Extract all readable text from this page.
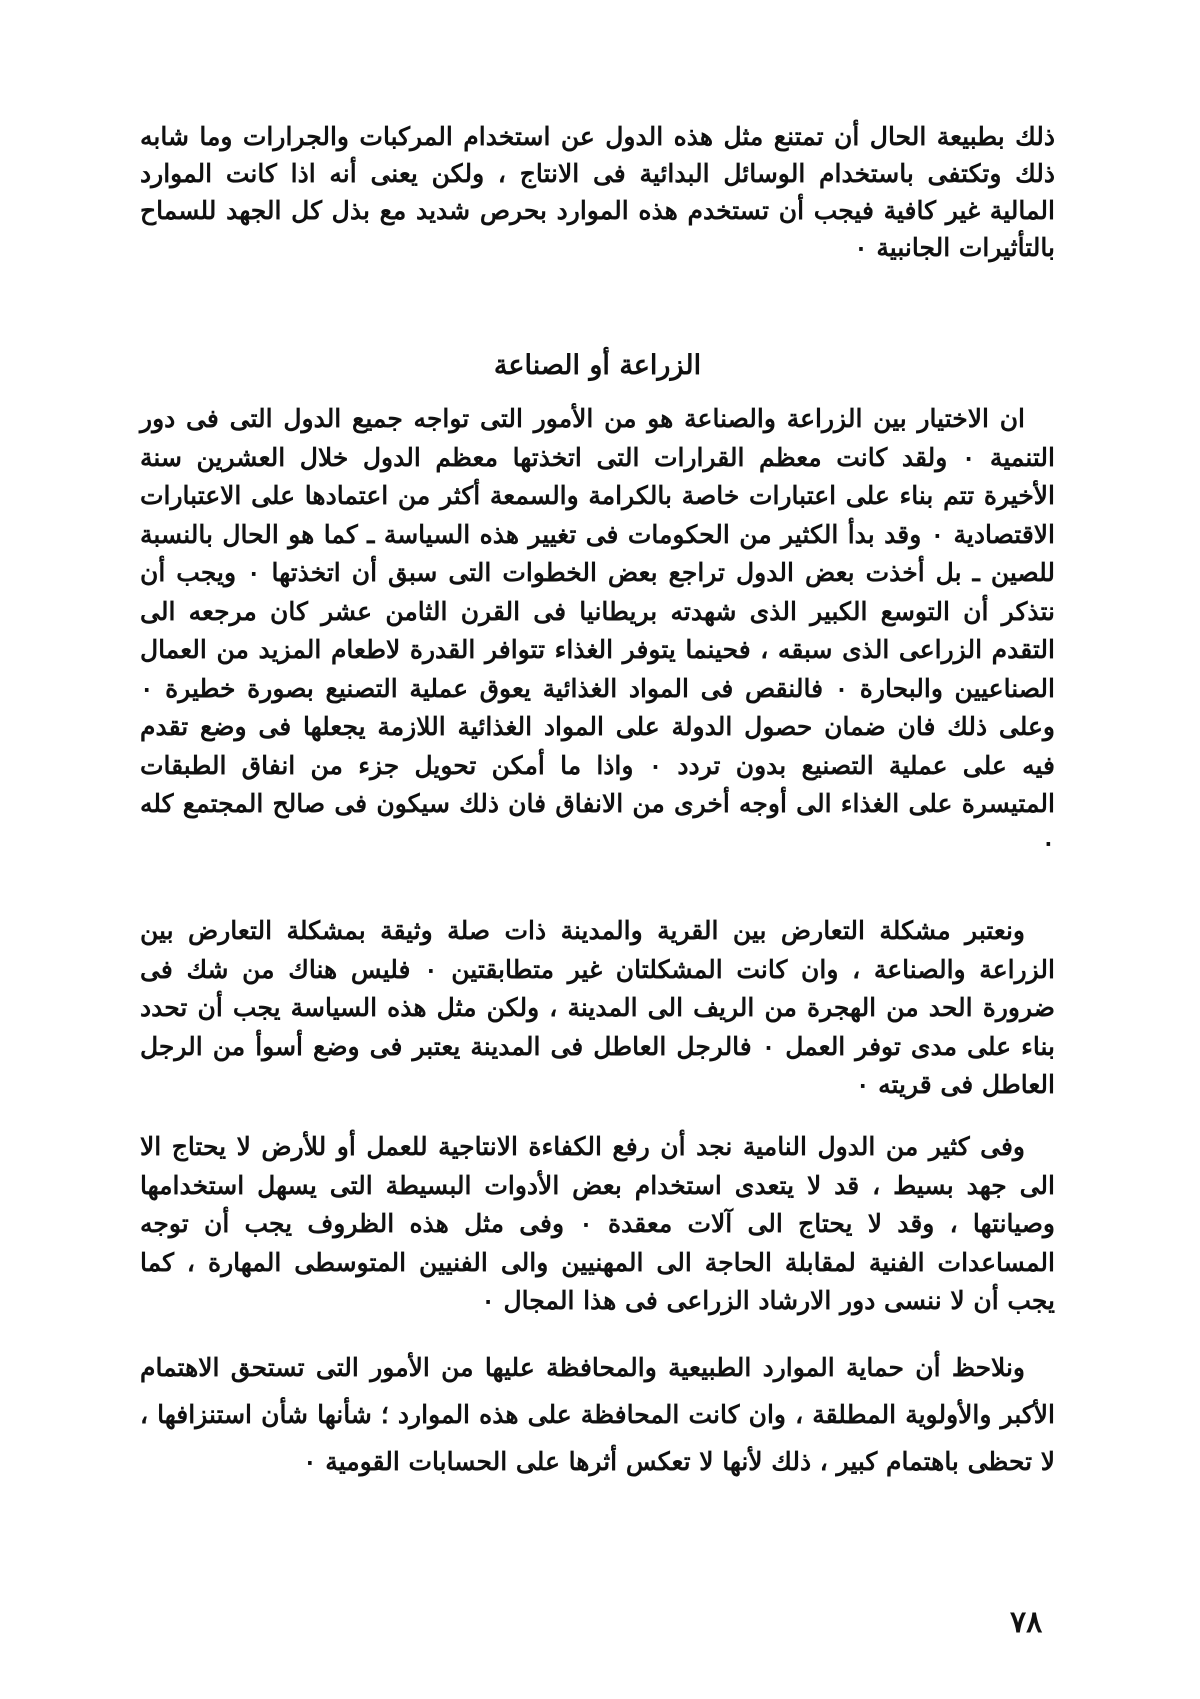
ذلك بطبيعة الحال أن تمتنع مثل هذه الدول عن استخدام المركبات والجرارات وما شابه ذلك وتكتفى باستخدام الوسائل البدائية فى الانتاج ، ولكن يعنى أنه اذا كانت الموارد المالية غير كافية فيجب أن تستخدم هذه الموارد بحرص شديد مع بذل كل الجهد للسماح بالتأثيرات الجانبية ٠

الزراعة أو الصناعة

ان الاختيار بين الزراعة والصناعة هو من الأمور التى تواجه جميع الدول التى فى دور التنمية ٠ ولقد كانت معظم القرارات التى اتخذتها معظم الدول خلال العشرين سنة الأخيرة تتم بناء على اعتبارات خاصة بالكرامة والسمعة أكثر من اعتمادها على الاعتبارات الاقتصادية ٠ وقد بدأ الكثير من الحكومات فى تغيير هذه السياسة ـ كما هو الحال بالنسبة للصين ـ بل أخذت بعض الدول تراجع بعض الخطوات التى سبق أن اتخذتها ٠ ويجب أن نتذكر أن التوسع الكبير الذى شهدته بريطانيا فى القرن الثامن عشر كان مرجعه الى التقدم الزراعى الذى سبقه ، فحينما يتوفر الغذاء تتوافر القدرة لاطعام المزيد من العمال الصناعيين والبحارة ٠ فالنقص فى المواد الغذائية يعوق عملية التصنيع بصورة خطيرة ٠ وعلى ذلك فان ضمان حصول الدولة على المواد الغذائية اللازمة يجعلها فى وضع تقدم فيه على عملية التصنيع بدون تردد ٠ واذا ما أمكن تحويل جزء من انفاق الطبقات المتيسرة على الغذاء الى أوجه أخرى من الانفاق فان ذلك سيكون فى صالح المجتمع كله ٠

ونعتبر مشكلة التعارض بين القرية والمدينة ذات صلة وثيقة بمشكلة التعارض بين الزراعة والصناعة ، وان كانت المشكلتان غير متطابقتين ٠ فليس هناك من شك فى ضرورة الحد من الهجرة من الريف الى المدينة ، ولكن مثل هذه السياسة يجب أن تحدد بناء على مدى توفر العمل ٠ فالرجل العاطل فى المدينة يعتبر فى وضع أسوأ من الرجل العاطل فى قريته ٠

وفى كثير من الدول النامية نجد أن رفع الكفاءة الانتاجية للعمل أو للأرض لا يحتاج الا الى جهد بسيط ، قد لا يتعدى استخدام بعض الأدوات البسيطة التى يسهل استخدامها وصيانتها ، وقد لا يحتاج الى آلات معقدة ٠ وفى مثل هذه الظروف يجب أن توجه المساعدات الفنية لمقابلة الحاجة الى المهنيين والى الفنيين المتوسطى المهارة ، كما يجب أن لا ننسى دور الارشاد الزراعى فى هذا المجال ٠

ونلاحظ أن حماية الموارد الطبيعية والمحافظة عليها من الأمور التى تستحق الاهتمام الأكبر والأولوية المطلقة ، وان كانت المحافظة على هذه الموارد ؛ شأنها شأن استنزافها ، لا تحظى باهتمام كبير ، ذلك لأنها لا تعكس أثرها على الحسابات القومية ٠

٧٨
